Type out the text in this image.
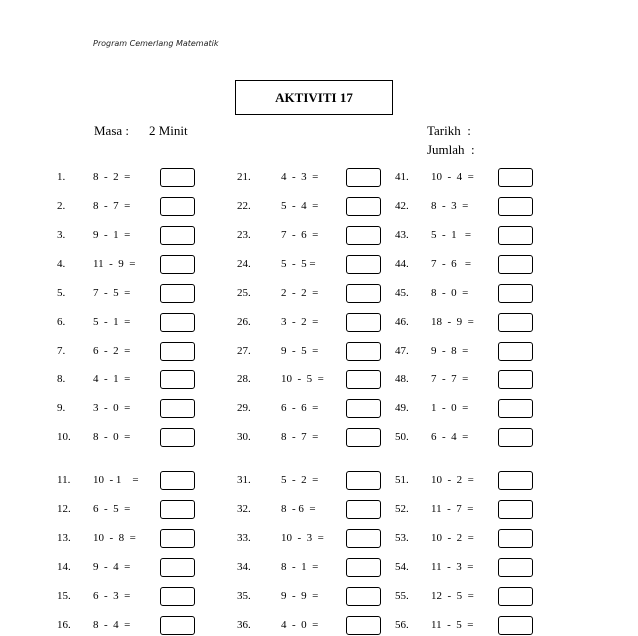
Program Cemerlang Matematik
AKTIVITI 17
Masa : 2 Minit	Tarikh  :
Jumlah  :
1.	8  -  2  =
2.	8  -  7  =
3.	9  -  1  =
4.	11  -  9  =
5.	7  -  5  =
6.	5  -  1  =
7.	6  -  2  =
8.	4  -  1  =
9.	3  -  0  =
10. 8  -  0  =
11. 10  - 1    =
12. 6  -  5  =
13. 10  -  8  =
14. 9  -  4  =
15. 6  -  3  =
16. 8  -  4  =
21.	4  -  3  =
22.	5  -  4  =
23.	7  -  6  =
24.	5  -  5 =
25.	2  -  2  =
26.	3  -  2  =
27.	9  -  5  =
28.	10  -  5  =
29.	6  -  6  =
30.	8  -  7  =
31.	5  -  2  =
32.	8  - 6  =
33.	10  -  3  =
34.	8  -  1  =
35.	9  -  9  =
36.	4  -  0  =
41. 10  -  4  =
42. 8  -  3  =
43. 5  -  1   =
44. 7  -  6   =
45. 8  -  0  =
46. 18  -  9  =
47. 9  -  8  =
48. 7  -  7  =
49. 1  -  0  =
50. 6  -  4  =
51. 10  -  2  =
52. 11  -  7  =
53. 10  -  2  =
54. 11  -  3  =
55. 12  -  5  =
56. 11  -  5  =
